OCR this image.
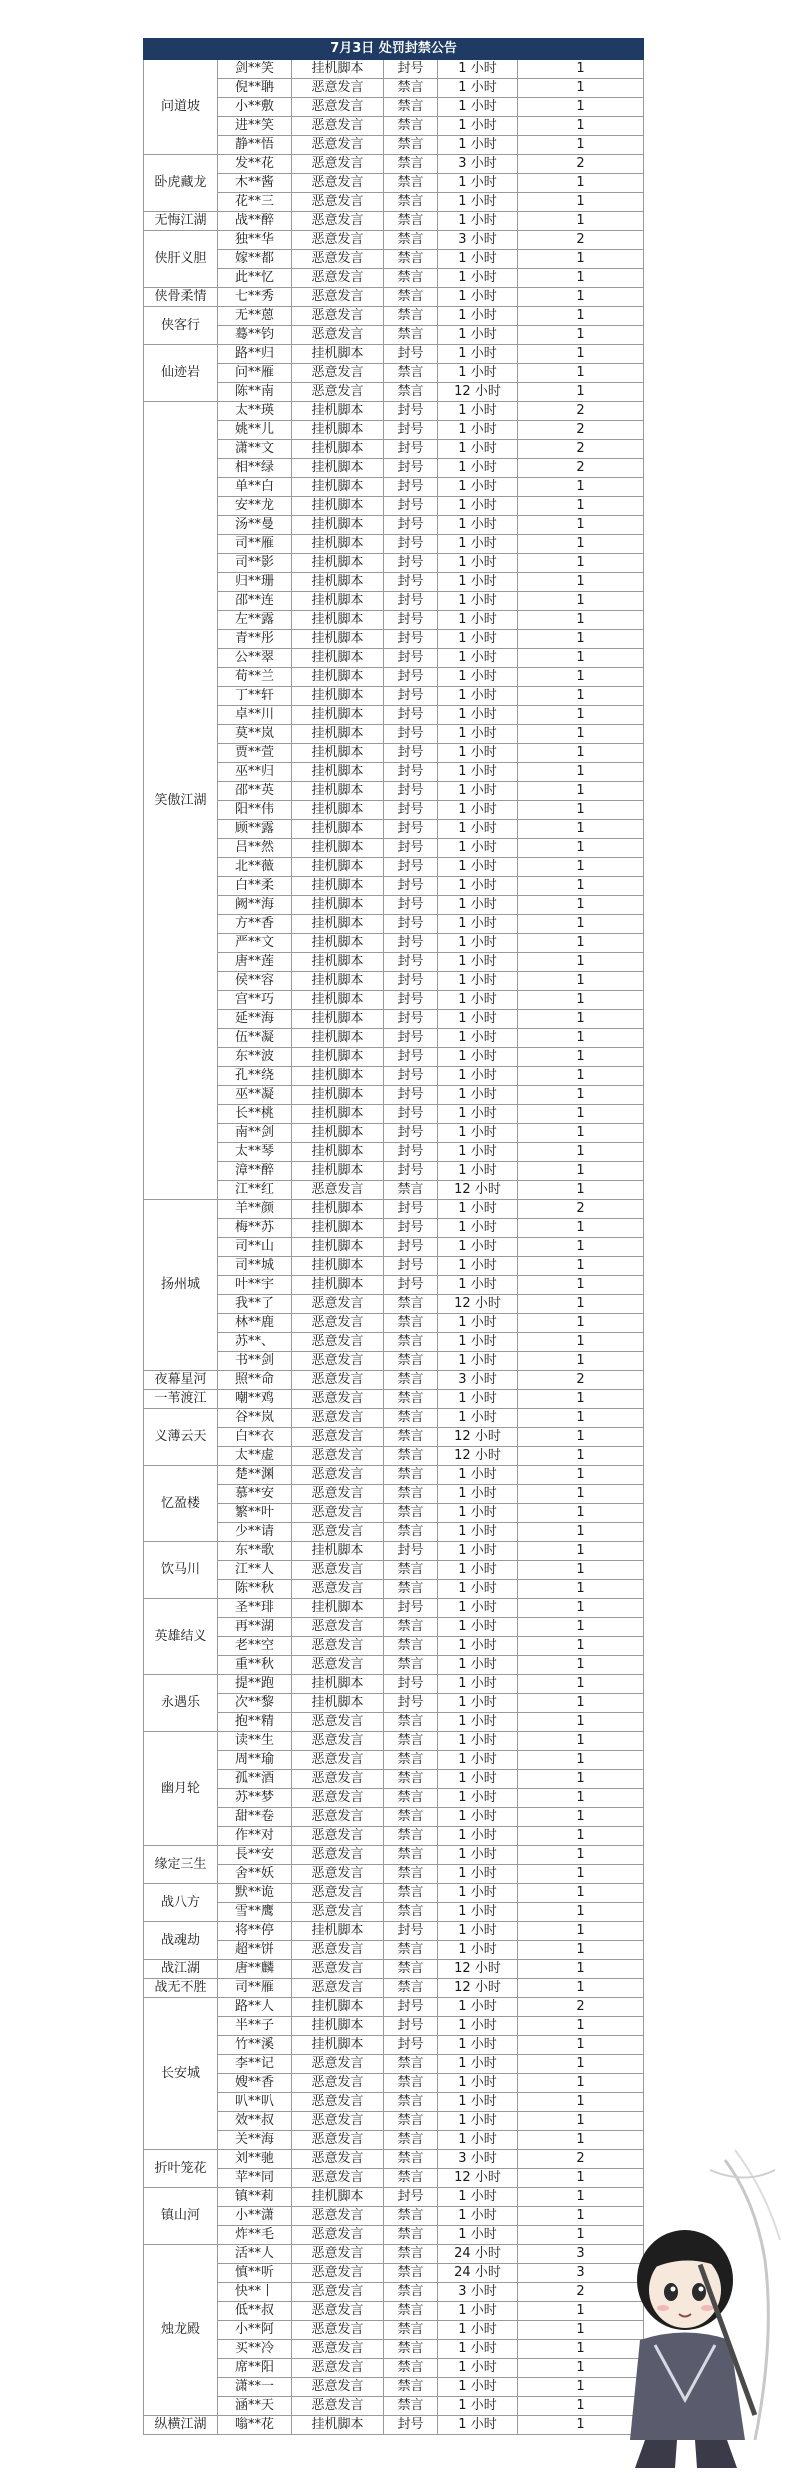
7月3日 处罚封禁公告					
问道坡	剑**笑	挂机脚本	封号	1 小时	1
	倪**聃	恶意发言	禁言	1 小时	1
	小**敷	恶意发言	禁言	1 小时	1
	进**笑	恶意发言	禁言	1 小时	1
	静**悟	恶意发言	禁言	1 小时	1
卧虎藏龙	发**花	恶意发言	禁言	3 小时	2
	木**酱	恶意发言	禁言	1 小时	1
	花**三	恶意发言	禁言	1 小时	1
无悔江湖	战**醉	恶意发言	禁言	1 小时	1
侠肝义胆	独**华	恶意发言	禁言	3 小时	2
	嫁**都	恶意发言	禁言	1 小时	1
	此**忆	恶意发言	禁言	1 小时	1
侠骨柔情	七**秀	恶意发言	禁言	1 小时	1
侠客行	无**蒽	恶意发言	禁言	1 小时	1
	蓦**钧	恶意发言	禁言	1 小时	1
仙迹岩	路**归	挂机脚本	封号	1 小时	1
	问**雁	恶意发言	禁言	1 小时	1
	陈**南	恶意发言	禁言	12 小时	1
笑傲江湖	太**瑛	挂机脚本	封号	1 小时	2
	姚**儿	挂机脚本	封号	1 小时	2
	潇**文	挂机脚本	封号	1 小时	2
	相**绿	挂机脚本	封号	1 小时	2
	单**白	挂机脚本	封号	1 小时	1
	安**龙	挂机脚本	封号	1 小时	1
	汤**曼	挂机脚本	封号	1 小时	1
	司**雁	挂机脚本	封号	1 小时	1
	司**影	挂机脚本	封号	1 小时	1
	归**珊	挂机脚本	封号	1 小时	1
	邵**连	挂机脚本	封号	1 小时	1
	左**露	挂机脚本	封号	1 小时	1
	青**彤	挂机脚本	封号	1 小时	1
	公**翠	挂机脚本	封号	1 小时	1
	荀**兰	挂机脚本	封号	1 小时	1
	丁**轩	挂机脚本	封号	1 小时	1
	卓**川	挂机脚本	封号	1 小时	1
	莫**岚	挂机脚本	封号	1 小时	1
	贾**萱	挂机脚本	封号	1 小时	1
	巫**归	挂机脚本	封号	1 小时	1
	邵**英	挂机脚本	封号	1 小时	1
	阳**伟	挂机脚本	封号	1 小时	1
	顾**露	挂机脚本	封号	1 小时	1
	吕**然	挂机脚本	封号	1 小时	1
	北**薇	挂机脚本	封号	1 小时	1
	白**柔	挂机脚本	封号	1 小时	1
	阙**海	挂机脚本	封号	1 小时	1
	方**香	挂机脚本	封号	1 小时	1
	严**文	挂机脚本	封号	1 小时	1
	唐**莲	挂机脚本	封号	1 小时	1
	侯**容	挂机脚本	封号	1 小时	1
	宫**巧	挂机脚本	封号	1 小时	1
	延**海	挂机脚本	封号	1 小时	1
	伍**凝	挂机脚本	封号	1 小时	1
	东**波	挂机脚本	封号	1 小时	1
	孔**绕	挂机脚本	封号	1 小时	1
	巫**凝	挂机脚本	封号	1 小时	1
	长**桃	挂机脚本	封号	1 小时	1
	南**剑	挂机脚本	封号	1 小时	1
	太**琴	挂机脚本	封号	1 小时	1
	漳**醉	挂机脚本	封号	1 小时	1
	江**红	恶意发言	禁言	12 小时	1
扬州城	羊**颜	挂机脚本	封号	1 小时	2
	梅**苏	挂机脚本	封号	1 小时	1
	司**山	挂机脚本	封号	1 小时	1
	司**城	挂机脚本	封号	1 小时	1
	叶**宇	挂机脚本	封号	1 小时	1
	我**了	恶意发言	禁言	12 小时	1
	林**鹿	恶意发言	禁言	1 小时	1
	苏**、	恶意发言	禁言	1 小时	1
	书**剑	恶意发言	禁言	1 小时	1
夜幕星河	照**命	恶意发言	禁言	3 小时	2
一苇渡江	嘲**鸡	恶意发言	禁言	1 小时	1
义薄云天	谷**岚	恶意发言	禁言	1 小时	1
	白**衣	恶意发言	禁言	12 小时	1
	太**虚	恶意发言	禁言	12 小时	1
忆盈楼	楚**渊	恶意发言	禁言	1 小时	1
	慕**安	恶意发言	禁言	1 小时	1
	繁**叶	恶意发言	禁言	1 小时	1
	少**请	恶意发言	禁言	1 小时	1
饮马川	东**歌	挂机脚本	封号	1 小时	1
	江**人	恶意发言	禁言	1 小时	1
	陈**秋	恶意发言	禁言	1 小时	1
英雄结义	圣**琲	挂机脚本	封号	1 小时	1
	再**湖	恶意发言	禁言	1 小时	1
	老**空	恶意发言	禁言	1 小时	1
	重**秋	恶意发言	禁言	1 小时	1
永遇乐	提**跑	挂机脚本	封号	1 小时	1
	次**黎	挂机脚本	封号	1 小时	1
	抱**精	恶意发言	禁言	1 小时	1
幽月轮	读**生	恶意发言	禁言	1 小时	1
	周**瑜	恶意发言	禁言	1 小时	1
	孤**酒	恶意发言	禁言	1 小时	1
	苏**梦	恶意发言	禁言	1 小时	1
	甜**卷	恶意发言	禁言	1 小时	1
	作**对	恶意发言	禁言	1 小时	1
缘定三生	長**安	恶意发言	禁言	1 小时	1
	舍**妖	恶意发言	禁言	1 小时	1
战八方	默**诡	恶意发言	禁言	1 小时	1
	雪**鹰	恶意发言	禁言	1 小时	1
战魂劫	将**停	挂机脚本	封号	1 小时	1
	超**饼	恶意发言	禁言	1 小时	1
战江湖	唐**麟	恶意发言	禁言	12 小时	1
战无不胜	司**雁	恶意发言	禁言	12 小时	1
长安城	路**人	挂机脚本	封号	1 小时	2
	半**子	挂机脚本	封号	1 小时	1
	竹**溪	挂机脚本	封号	1 小时	1
	李**记	恶意发言	禁言	1 小时	1
	嫂**香	恶意发言	禁言	1 小时	1
	叭**叭	恶意发言	禁言	1 小时	1
	效**叔	恶意发言	禁言	1 小时	1
	关**海	恶意发言	禁言	1 小时	1
折叶笼花	刘**驰	恶意发言	禁言	3 小时	2
	苹**同	恶意发言	禁言	12 小时	1
镇山河	镇**莉	挂机脚本	封号	1 小时	1
	小**潇	恶意发言	禁言	1 小时	1
	炸**毛	恶意发言	禁言	1 小时	1
烛龙殿	活**人	恶意发言	禁言	24 小时	3
	慎**听	恶意发言	禁言	24 小时	3
	快**丨	恶意发言	禁言	3 小时	2
	低**叔	恶意发言	禁言	1 小时	1
	小**阿	恶意发言	禁言	1 小时	1
	买**冷	恶意发言	禁言	1 小时	1
	席**阳	恶意发言	禁言	1 小时	1
	潇**一	恶意发言	禁言	1 小时	1
	涵**天	恶意发言	禁言	1 小时	1
纵横江湖	嗡**花	挂机脚本	封号	1 小时	1
